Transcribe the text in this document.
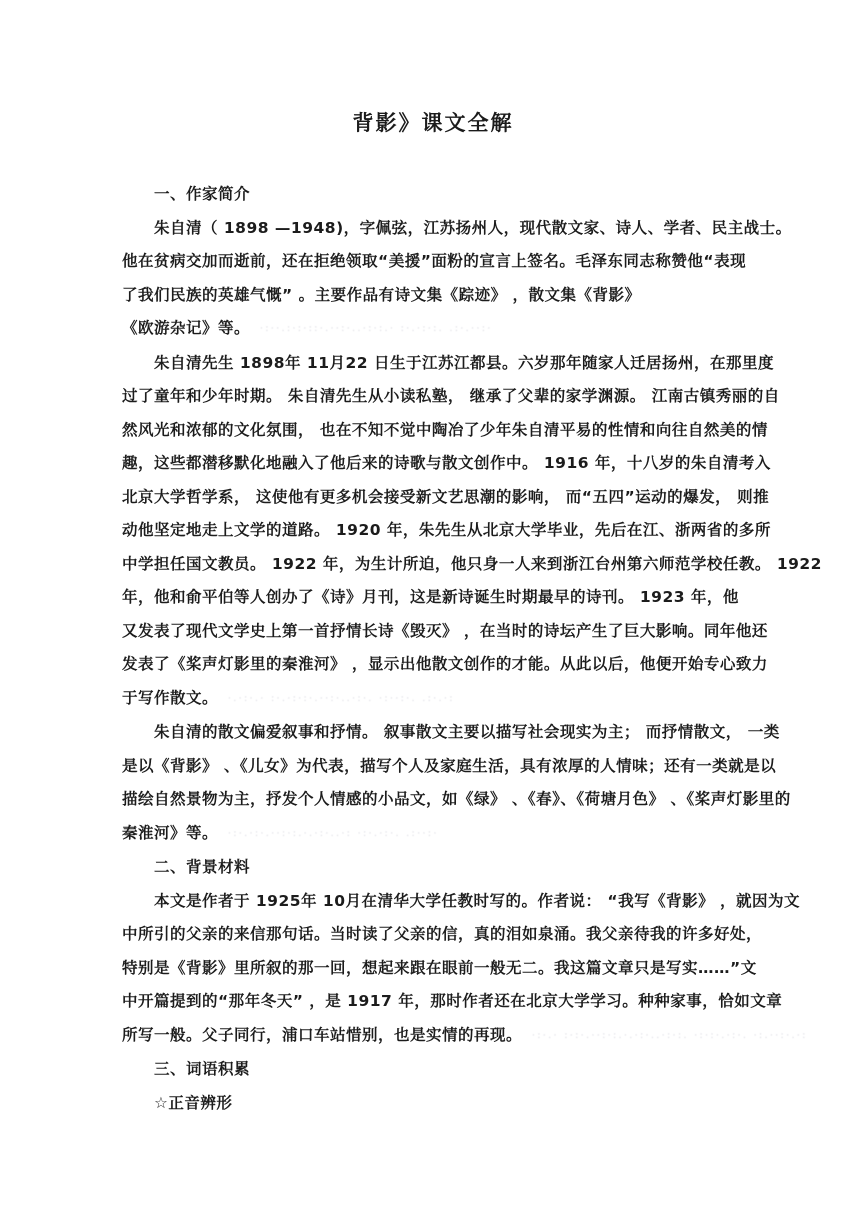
背影》课文全解
一、作家简介
朱自清（ 1898 —1948)，字佩弦，江苏扬州人，现代散文家、诗人、学者、民主战士。
他在贫病交加而逝前，还在拒绝领取“美援”面粉的宣言上签名。毛泽东同志称赞他“表现
了我们民族的英雄气慨” 。主要作品有诗文集《踪迹》 ，散文集《背影》
《欧游杂记》等。 ·:··.:·:·::·.··:·..·:·:.· :·.·:·:. .:·.··:·
朱自清先生 1898年 11月22 日生于江苏江都县。六岁那年随家人迁居扬州，在那里度
过了童年和少年时期。 朱自清先生从小读私塾， 继承了父辈的家学渊源。 江南古镇秀丽的自
然风光和浓郁的文化氛围， 也在不知不觉中陶冶了少年朱自清平易的性情和向往自然美的情
趣，这些都潜移默化地融入了他后来的诗歌与散文创作中。 1916 年，十八岁的朱自清考入
北京大学哲学系， 这使他有更多机会接受新文艺思潮的影响， 而“五四”运动的爆发， 则推
动他坚定地走上文学的道路。 1920 年，朱先生从北京大学毕业，先后在江、浙两省的多所
中学担任国文教员。 1922 年，为生计所迫，他只身一人来到浙江台州第六师范学校任教。 1922
年，他和俞平伯等人创办了《诗》月刊，这是新诗诞生时期最早的诗刊。 1923 年，他
又发表了现代文学史上第一首抒情长诗《毁灭》 ，在当时的诗坛产生了巨大影响。同年他还
发表了《桨声灯影里的秦淮河》 ，显示出他散文创作的才能。从此以后，他便开始专心致力
于写作散文。 ·.·:·.· :·.·:·:·.··:·..·:·. ·:··:·. .:·.·:
朱自清的散文偏爱叙事和抒情。 叙事散文主要以描写社会现实为主； 而抒情散文， 一类
是以《背影》 、《儿女》为代表，描写个人及家庭生活，具有浓厚的人情味；还有一类就是以
描绘自然景物为主，抒发个人情感的小品文，如《绿》 、《春》、《荷塘月色》 、《桨声灯影里的
秦淮河》等。 ·:·.·:·.··:·:.·.·:·..·: ·:·.·:·. .:··:·
二、背景材料
本文是作者于 1925年 10月在清华大学任教时写的。作者说： “我写《背影》 ，就因为文
中所引的父亲的来信那句话。当时读了父亲的信，真的泪如泉涌。我父亲待我的许多好处，
特别是《背影》里所叙的那一回，想起来跟在眼前一般无二。我这篇文章只是写实……”文
中开篇提到的“那年冬天” ，是 1917 年，那时作者还在北京大学学习。种种家事，恰如文章
所写一般。父子同行，浦口车站惜别，也是实情的再现。 ·:·.· :·:·.··:·:.·.·:·..·:·:. ·:·:·.·:·. ·:.··:·.·:
三、词语积累
☆正音辨形
